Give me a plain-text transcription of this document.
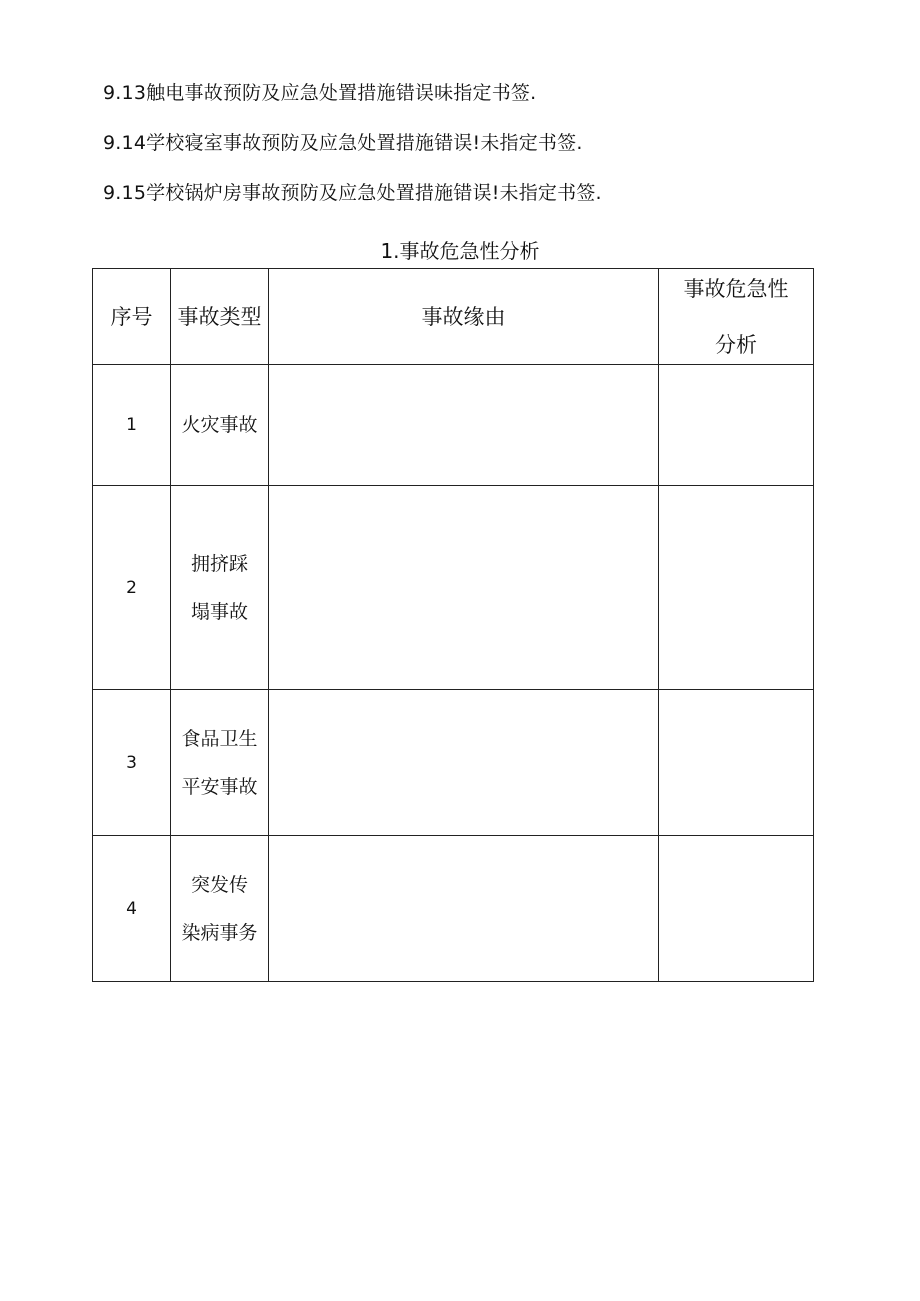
9.13触电事故预防及应急处置措施错误味指定书签.
9.14学校寝室事故预防及应急处置措施错误!未指定书签.
9.15学校锅炉房事故预防及应急处置措施错误!未指定书签.
1.事故危急性分析
序号	事故类型	事故缘由	事故危急性
分析

1	火灾事故		

2	拥挤踩
塌事故		

3	食品卫生
平安事故		

4	突发传
染病事务		
